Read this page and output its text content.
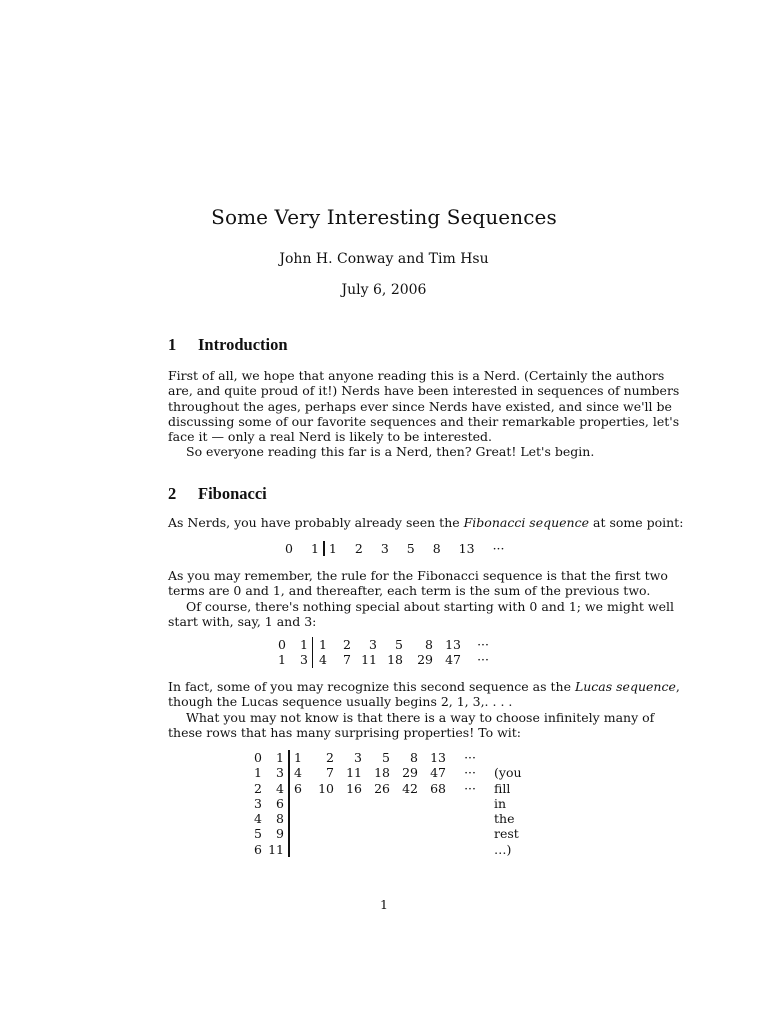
Some Very Interesting Sequences
John H. Conway and Tim Hsu
July 6, 2006
1 Introduction
First of all, we hope that anyone reading this is a Nerd. (Certainly the authors
are, and quite proud of it!) Nerds have been interested in sequences of numbers
throughout the ages, perhaps ever since Nerds have existed, and since we'll be
discussing some of our favorite sequences and their remarkable properties, let's
face it — only a real Nerd is likely to be interested.
So everyone reading this far is a Nerd, then? Great! Let's begin.
2 Fibonacci
As Nerds, you have probably already seen the Fibonacci sequence at some point:
0	1	1	2	3	5	8	13	···
As you may remember, the rule for the Fibonacci sequence is that the first two
terms are 0 and 1, and thereafter, each term is the sum of the previous two.
Of course, there's nothing special about starting with 0 and 1; we might well
start with, say, 1 and 3:
0	1	1	2	3	5	8	13	···
1	3	4	7	11	18	29	47	···
In fact, some of you may recognize this second sequence as the Lucas sequence,
though the Lucas sequence usually begins 2, 1, 3,. . . .
What you may not know is that there is a way to choose infinitely many of
these rows that has many surprising properties! To wit:
0	1	1	2	3	5	8	13	···	
1	3	4	7	11	18	29	47	···	(you
2	4	6	10	16	26	42	68	···	fill
3	6								in
4	8								the
5	9								rest
6	11								…)
1
